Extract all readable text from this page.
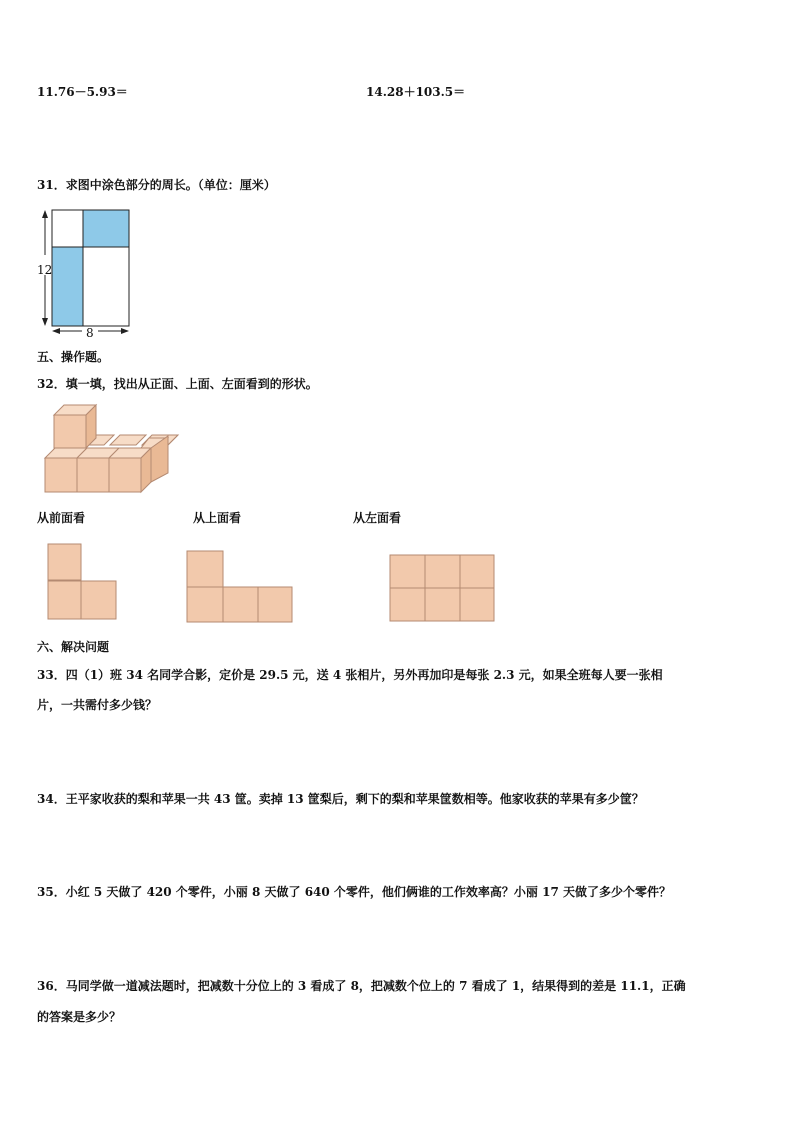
11.76－5.93＝	14.28＋103.5＝
31．求图中涂色部分的周长。（单位：厘米）
12
8
五、操作题。
32．填一填，找出从正面、上面、左面看到的形状。
从前面看	从上面看	从左面看
六、解决问题
33．四（1）班 34 名同学合影，定价是 29.5 元，送 4 张相片，另外再加印是每张 2.3 元，如果全班每人要一张相
片，一共需付多少钱？
34．王平家收获的梨和苹果一共 43 筐。卖掉 13 筐梨后，剩下的梨和苹果筐数相等。他家收获的苹果有多少筐？
35．小红 5 天做了 420 个零件，小丽 8 天做了 640 个零件，他们俩谁的工作效率高？小丽 17 天做了多少个零件？
36．马同学做一道减法题时，把减数十分位上的 3 看成了 8，把减数个位上的 7 看成了 1，结果得到的差是 11.1，正确
的答案是多少？
